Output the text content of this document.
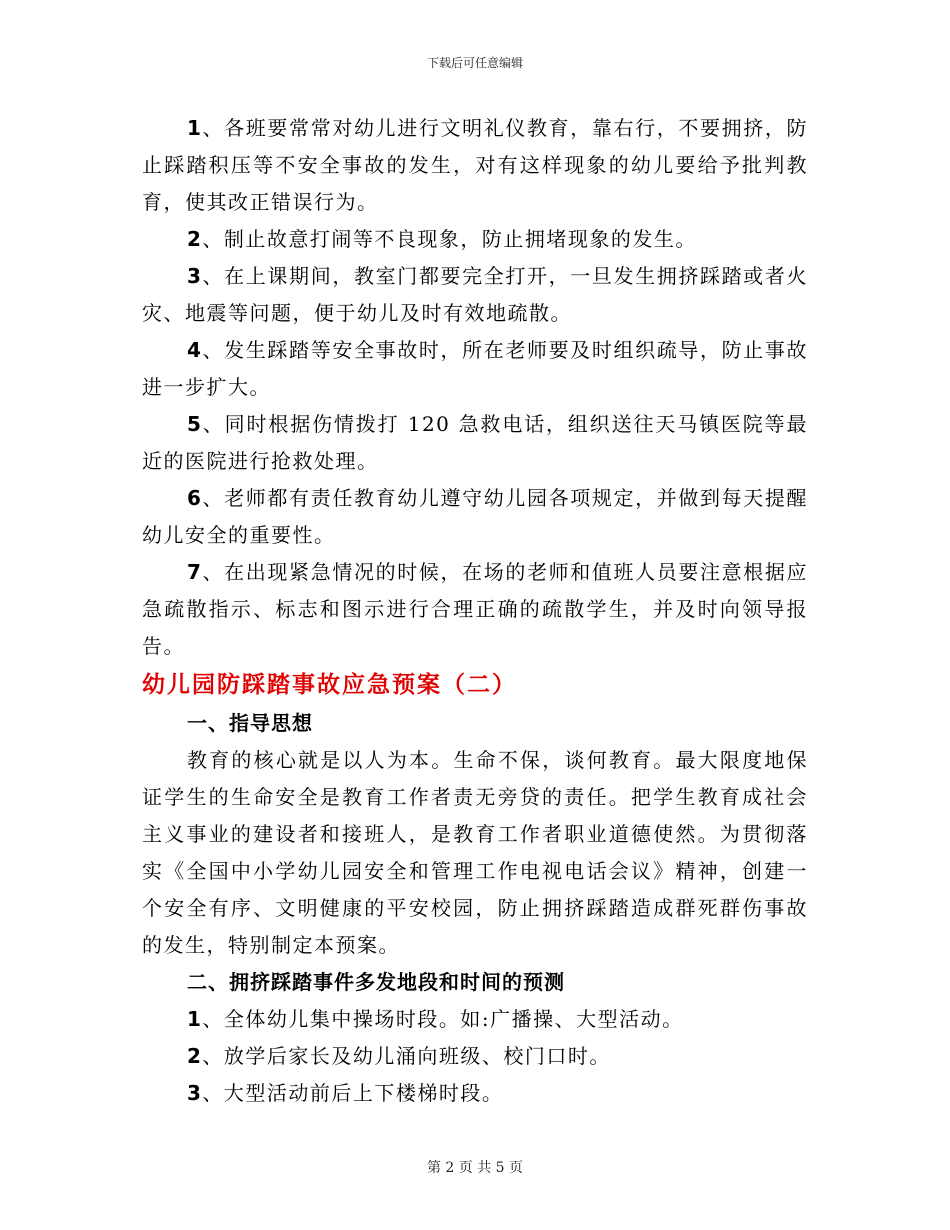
下载后可任意编辑

1、各班要常常对幼儿进行文明礼仪教育，靠右行，不要拥挤，防止踩踏积压等不安全事故的发生，对有这样现象的幼儿要给予批判教育，使其改正错误行为。

2、制止故意打闹等不良现象，防止拥堵现象的发生。

3、在上课期间，教室门都要完全打开，一旦发生拥挤踩踏或者火灾、地震等问题，便于幼儿及时有效地疏散。

4、发生踩踏等安全事故时，所在老师要及时组织疏导，防止事故进一步扩大。

5、同时根据伤情拨打 120 急救电话，组织送往天马镇医院等最近的医院进行抢救处理。

6、老师都有责任教育幼儿遵守幼儿园各项规定，并做到每天提醒幼儿安全的重要性。

7、在出现紧急情况的时候，在场的老师和值班人员要注意根据应急疏散指示、标志和图示进行合理正确的疏散学生，并及时向领导报告。

幼儿园防踩踏事故应急预案（二）

一、指导思想

教育的核心就是以人为本。生命不保，谈何教育。最大限度地保证学生的生命安全是教育工作者责无旁贷的责任。把学生教育成社会主义事业的建设者和接班人，是教育工作者职业道德使然。为贯彻落实《全国中小学幼儿园安全和管理工作电视电话会议》精神，创建一个安全有序、文明健康的平安校园，防止拥挤踩踏造成群死群伤事故的发生，特别制定本预案。

二、拥挤踩踏事件多发地段和时间的预测

1、全体幼儿集中操场时段。如:广播操、大型活动。

2、放学后家长及幼儿涌向班级、校门口时。

3、大型活动前后上下楼梯时段。

第 2 页 共 5 页
